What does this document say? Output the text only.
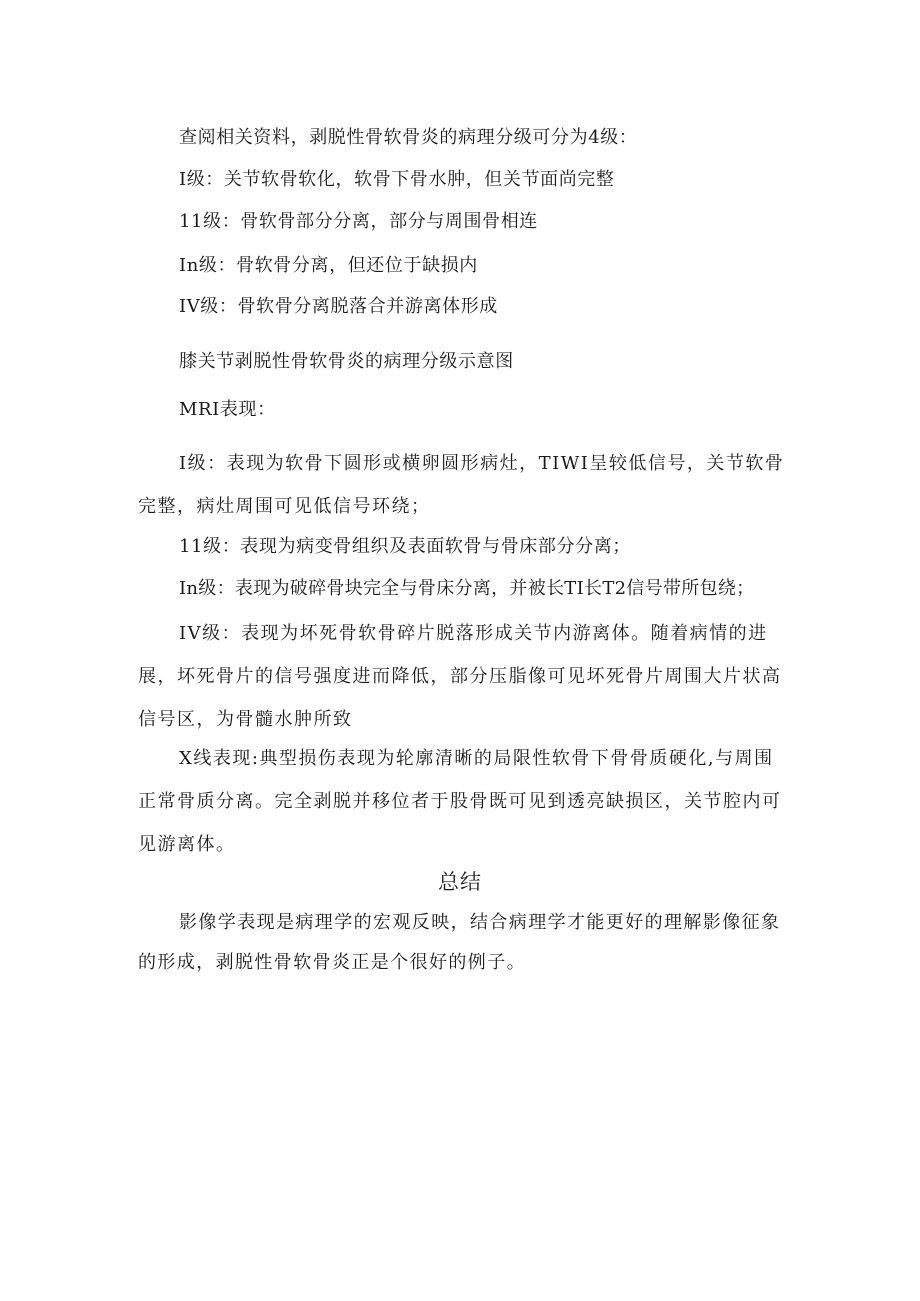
查阅相关资料，剥脱性骨软骨炎的病理分级可分为4级：
I级：关节软骨软化，软骨下骨水肿，但关节面尚完整
11级：骨软骨部分分离，部分与周围骨相连
In级：骨软骨分离，但还位于缺损内
IV级：骨软骨分离脱落合并游离体形成
膝关节剥脱性骨软骨炎的病理分级示意图
MRI表现：
I级：表现为软骨下圆形或横卵圆形病灶，TIWI呈较低信号，关节软骨完整，病灶周围可见低信号环绕；
11级：表现为病变骨组织及表面软骨与骨床部分分离；
In级：表现为破碎骨块完全与骨床分离，并被长TI长T2信号带所包绕；
IV级：表现为坏死骨软骨碎片脱落形成关节内游离体。随着病情的进展，坏死骨片的信号强度进而降低，部分压脂像可见坏死骨片周围大片状高信号区，为骨髓水肿所致
X线表现:典型损伤表现为轮廓清晰的局限性软骨下骨骨质硬化,与周围正常骨质分离。完全剥脱并移位者于股骨既可见到透亮缺损区，关节腔内可见游离体。
总结
影像学表现是病理学的宏观反映，结合病理学才能更好的理解影像征象的形成，剥脱性骨软骨炎正是个很好的例子。
